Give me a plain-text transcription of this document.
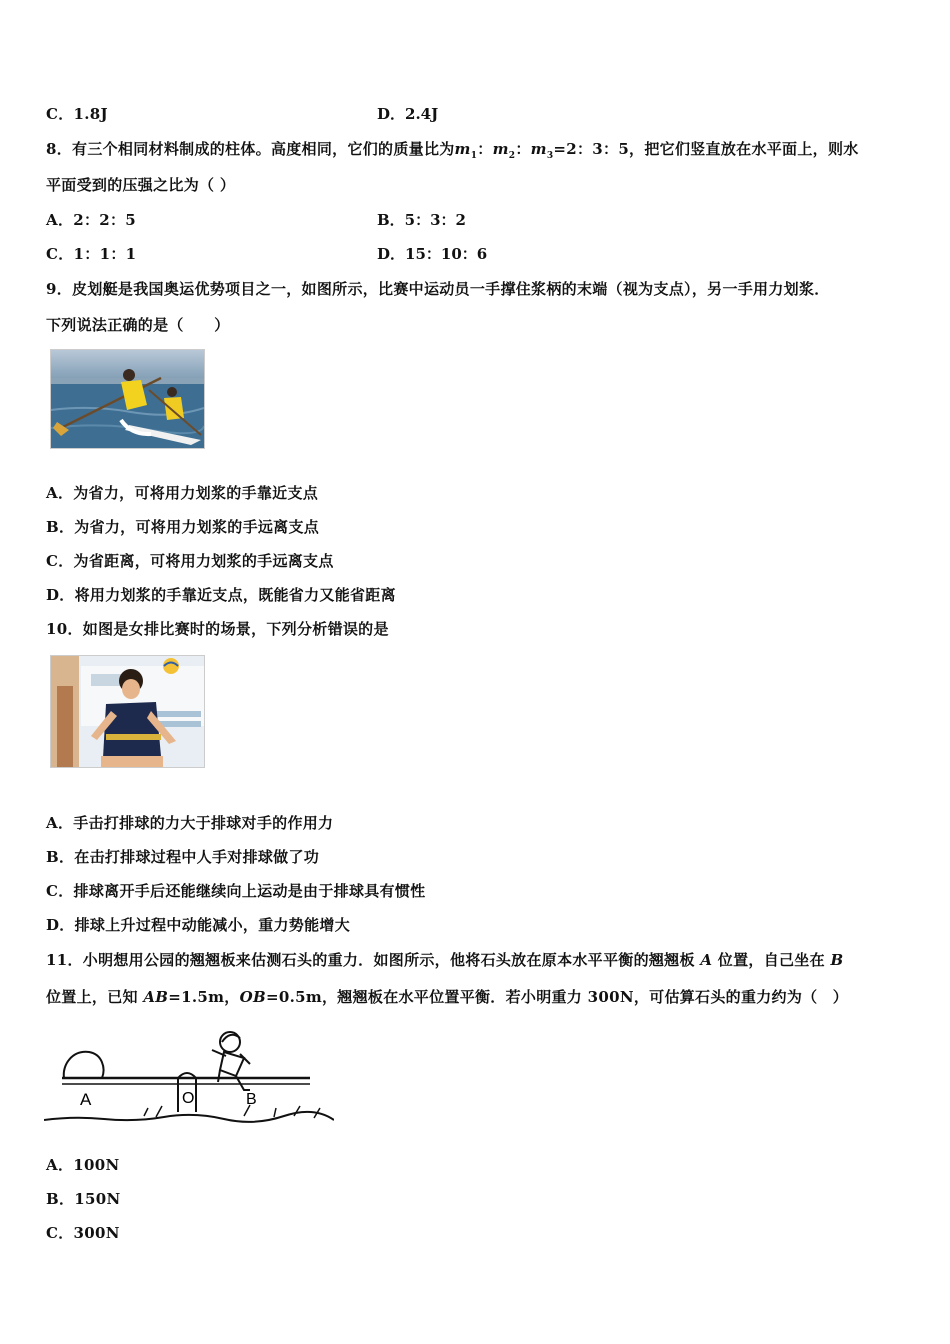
C．1.8J	D．2.4J
8．有三个相同材料制成的柱体。高度相同，它们的质量比为$m_1$：$m_2$：$m_3=2$：3：5，把它们竖直放在水平面上，则水
平面受到的压强之比为（ ）
A．2：2：5	B．5：3：2
C．1：1：1	D．15：10：6
9．皮划艇是我国奥运优势项目之一，如图所示，比赛中运动员一手撑住浆柄的末端（视为支点），另一手用力划浆．
下列说法正确的是（　　）
A．为省力，可将用力划浆的手靠近支点
B．为省力，可将用力划浆的手远离支点
C．为省距离，可将用力划浆的手远离支点
D．将用力划浆的手靠近支点，既能省力又能省距离
10．如图是女排比赛时的场景，下列分析错误的是
A．手击打排球的力大于排球对手的作用力
B．在击打排球过程中人手对排球做了功
C．排球离开手后还能继续向上运动是由于排球具有惯性
D．排球上升过程中动能减小，重力势能增大
11．小明想用公园的翘翘板来估测石头的重力．如图所示，他将石头放在原本水平平衡的翘翘板 A 位置，自己坐在 B
位置上，已知 AB=1.5m，OB=0.5m，翘翘板在水平位置平衡．若小明重力 300N，可估算石头的重力约为（　）
A	O	B
A．100N
B．150N
C．300N
